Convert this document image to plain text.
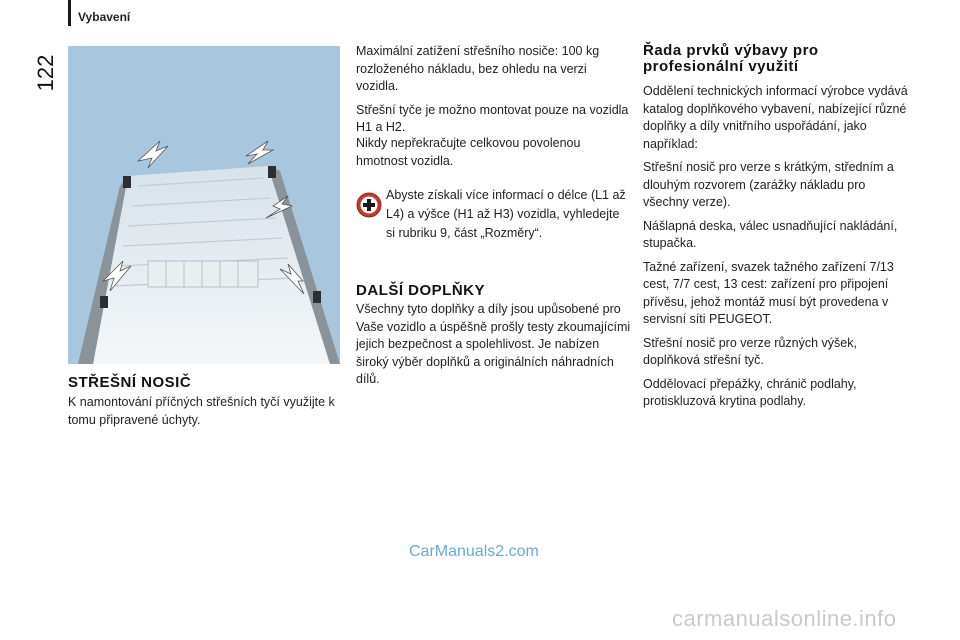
122
Vybavení
STŘEŠNÍ NOSIČ

K namontování příčných střešních tyčí využijte k tomu připravené úchyty.

Maximální zatížení střešního nosiče: 100 kg rozloženého nákladu, bez ohledu na verzi vozidla.

Střešní tyče je možno montovat pouze na vozidla H1 a H2.

Nikdy nepřekračujte celkovou povolenou hmotnost vozidla.

Abyste získali více informací o délce (L1 až L4) a výšce (H1 až H3) vozidla, vyhledejte si rubriku 9, část „Rozměry“.
DALŠÍ DOPLŇKY

Všechny tyto doplňky a díly jsou upůsobené pro Vaše vozidlo a úspěšně prošly testy zkoumajícími jejich bezpečnost a spolehlivost. Je nabízen široký výběr doplňků a originálních náhradních dílů.

Řada prvků výbavy pro profesionální využití

Oddělení technických informací výrobce vydává katalog doplňkového vybavení, nabízející různé doplňky a díly vnitřního uspořádání, jako například:

Střešní nosič pro verze s krátkým, středním a dlouhým rozvorem (zarážky nákladu pro všechny verze).

Nášlapná deska, válec usnadňující nakládání, stupačka.

Tažné zařízení, svazek tažného zařízení 7/13 cest, 7/7 cest, 13 cest: zařízení pro připojení přívěsu, jehož montáž musí být provedena v servisní síti PEUGEOT.

Střešní nosič pro verze různých výšek, doplňková střešní tyč.

Oddělovací přepážky, chránič podlahy, protiskluzová krytina podlahy.

CarManuals2.com
carmanualsonline.info
